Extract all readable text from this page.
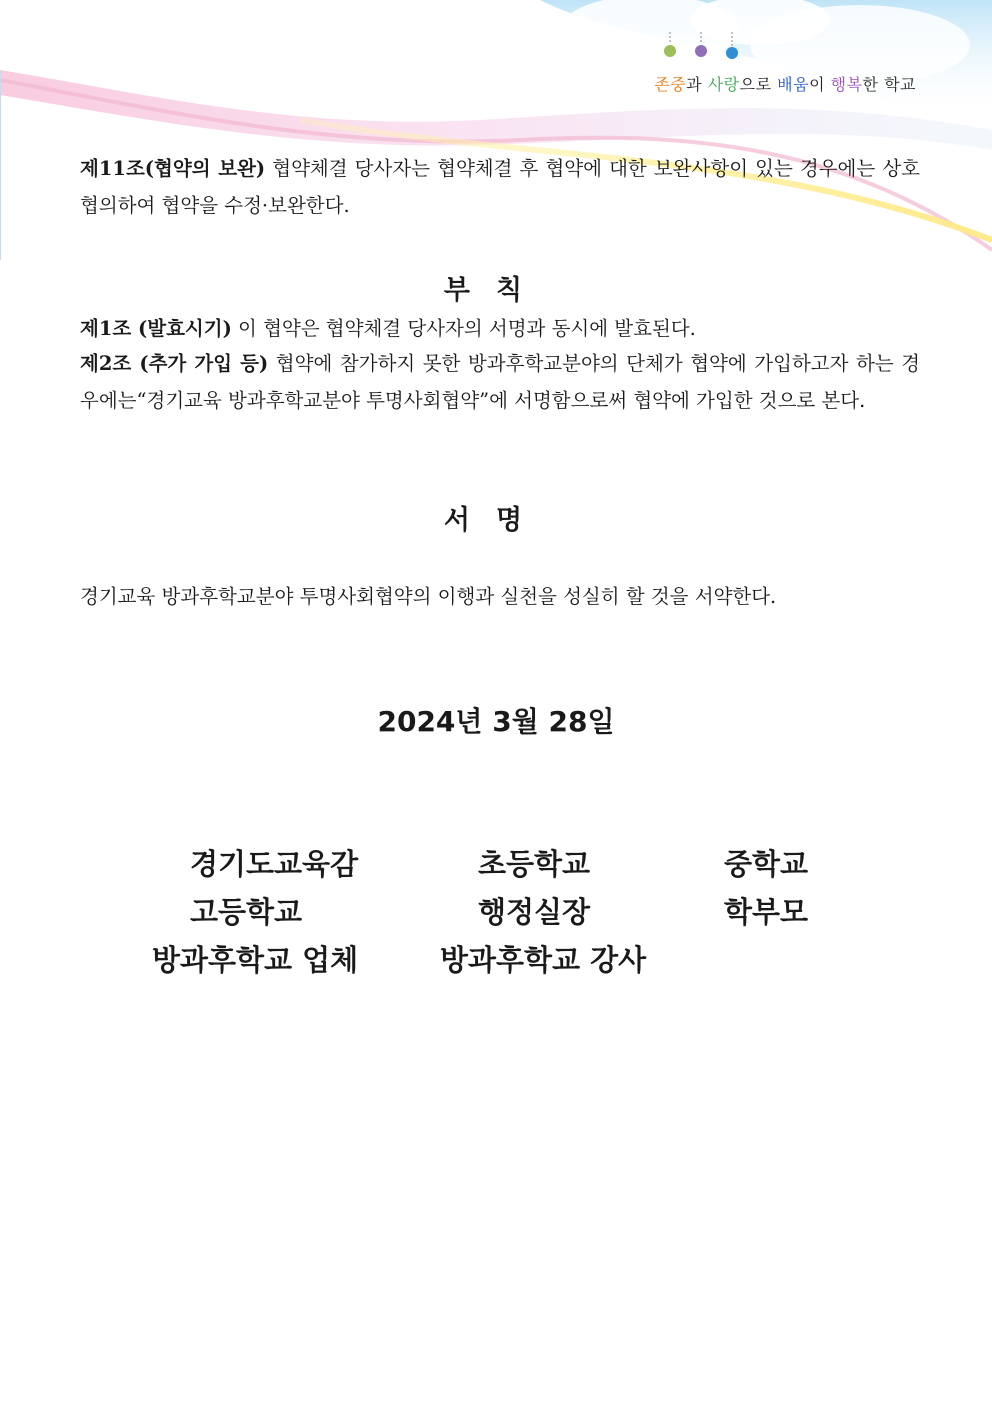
존중과 사랑으로 배움이 행복한 학교
제11조(협약의 보완) 협약체결 당사자는 협약체결 후 협약에 대한 보완사항이 있는 경우에는 상호 협의하여 협약을 수정·보완한다.
부칙
제1조 (발효시기) 이 협약은 협약체결 당사자의 서명과 동시에 발효된다.
제2조 (추가 가입 등) 협약에 참가하지 못한 방과후학교분야의 단체가 협약에 가입하고자 하는 경우에는“경기교육 방과후학교분야 투명사회협약”에 서명함으로써 협약에 가입한 것으로 본다.
서명
경기교육 방과후학교분야 투명사회협약의 이행과 실천을 성실히 할 것을 서약한다.
2024년 3월 28일
경기도교육감	초등학교	중학교
고등학교	행정실장	학부모
방과후학교 업체	방과후학교 강사
